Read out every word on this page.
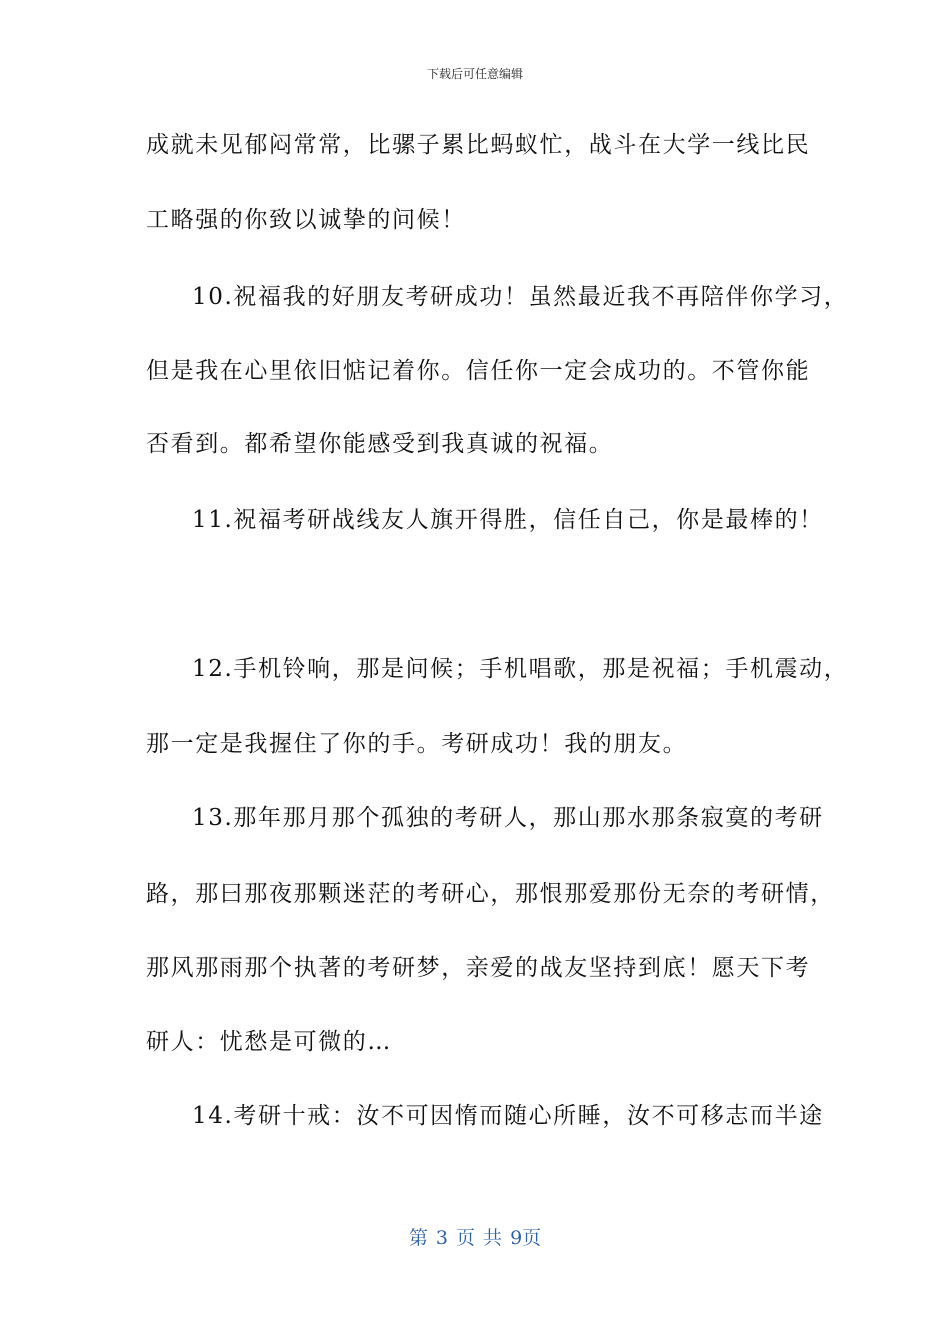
下载后可任意编辑
成就未见郁闷常常，比骡子累比蚂蚁忙，战斗在大学一线比民
工略强的你致以诚挚的问候！
10.祝福我的好朋友考研成功！虽然最近我不再陪伴你学习，
但是我在心里依旧惦记着你。信任你一定会成功的。不管你能
否看到。都希望你能感受到我真诚的祝福。
11.祝福考研战线友人旗开得胜，信任自己，你是最棒的！
12.手机铃响，那是问候；手机唱歌，那是祝福；手机震动，
那一定是我握住了你的手。考研成功！我的朋友。
13.那年那月那个孤独的考研人，那山那水那条寂寞的考研
路，那曰那夜那颗迷茫的考研心，那恨那爱那份无奈的考研情，
那风那雨那个执著的考研梦，亲爱的战友坚持到底！愿天下考
研人：忧愁是可微的…
14.考研十戒：汝不可因惰而随心所睡，汝不可移志而半途
第 3 页 共 9页
